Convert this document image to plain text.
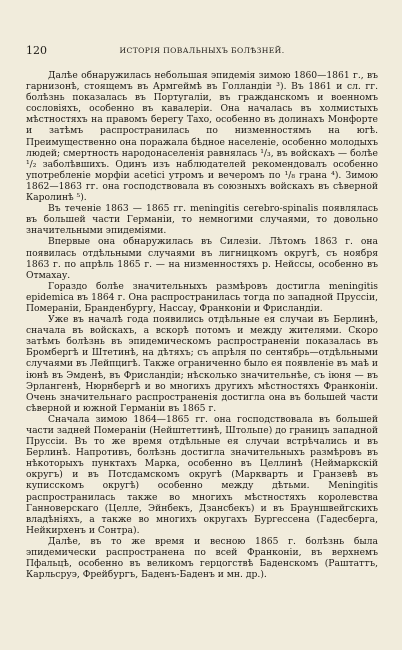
120	ИСТОРІЯ ПОВАЛЬНЫХЪ БОЛѢЗНЕЙ.

Далѣе обнаружилась небольшая эпидемія зимою 1860—1861 г., въ гарнизонѣ, стоящемъ въ Армгеймѣ въ Голландіи ³). Въ 1861 и сл. гг. болѣзнь показалась въ Португаліи, въ гражданскомъ и военномъ сословіяхъ, особенно въ кавалеріи. Она началась въ холмистыхъ мѣстностяхъ на правомъ берегу Тахо, особенно въ долинахъ Монфорте и затѣмъ распространилась по низменностямъ на югѣ. Преимущественно она поражала бѣдное населеніе, особенно молодыхъ людей; смертность народонаселенія равнялась ¹/₃, въ войскахъ — болѣе ¹/₂ заболѣвшихъ. Одинъ изъ наблюдателей рекомендовалъ особенно употребленіе морфіи acetici утромъ и вечеромъ по ¹/₈ грана ⁴). Зимою 1862—1863 гг. она господствовала въ союзныхъ войскахъ въ сѣверной Каролинѣ ⁵).

Въ теченіе 1863 — 1865 гг. meningitis cerebro-spinalis появлялась въ большей части Германіи, то немногими случаями, то довольно значительными эпидеміями.

Впервые она обнаружилась въ Силезіи. Лѣтомъ 1863 г. она появилась отдѣльными случаями въ лигницкомъ округѣ, съ ноября 1863 г. по апрѣль 1865 г. — на низменностяхъ р. Нейссы, особенно въ Отмахау.

Гораздо болѣе значительныхъ размѣровъ достигла meningitis epidemica въ 1864 г. Она распространилась тогда по западной Пруссіи, Помераніи, Бранденбургу, Нассау, Франконіи и Фрисландіи.

Уже въ началѣ года появились отдѣльные ея случаи въ Берлинѣ, сначала въ войскахъ, а вскорѣ потомъ и между жителями. Скоро затѣмъ болѣзнь въ эпидемическомъ распространеніи показалась въ Бромбергѣ и Штетинѣ, на дѣтяхъ; съ апрѣля по сентябрь—отдѣльными случаями въ Лейпцигѣ. Также ограниченно было ея появленіе въ маѣ и іюнѣ въ Эмденѣ, въ Фрисландіи; нѣсколько значительнѣе, съ іюня — въ Эрлангенѣ, Нюрнбергѣ и во многихъ другихъ мѣстностяхъ Франконіи. Очень значительнаго распространенія достигла она въ большей части сѣверной и южной Германіи въ 1865 г.

Сначала зимою 1864—1865 гг. она господствовала въ большей части задней Помераніи (Нейштеттинѣ, Штольпе) до границъ западной Пруссіи. Въ то же время отдѣльные ея случаи встрѣчались и въ Берлинѣ. Напротивъ, болѣзнь достигла значительныхъ размѣровъ въ нѣкоторыхъ пунктахъ Марка, особенно въ Целлинѣ (Неймаркскій округъ) и въ Потсдамскомъ округѣ (Маркварть и Гранзевѣ въ куписскомъ округѣ) особенно между дѣтьми. Meningitis распространилась также во многихъ мѣстностяхъ королевства Ганноверскаго (Целле, Эйнбекъ, Дзансбекъ) и въ Брауншвейгскихъ владѣніяхъ, а также во многихъ округахъ Бургессена (Гадесберга, Нейкирхенъ и Сонтра).

Далѣе, въ то же время и весною 1865 г. болѣзнь была эпидемически распространена по всей Франконіи, въ верхнемъ Пфальцѣ, особенно въ великомъ герцогствѣ Баденскомъ (Раштаттъ, Карльсруэ, Фрейбургъ, Баденъ-Баденъ и мн. др.).
